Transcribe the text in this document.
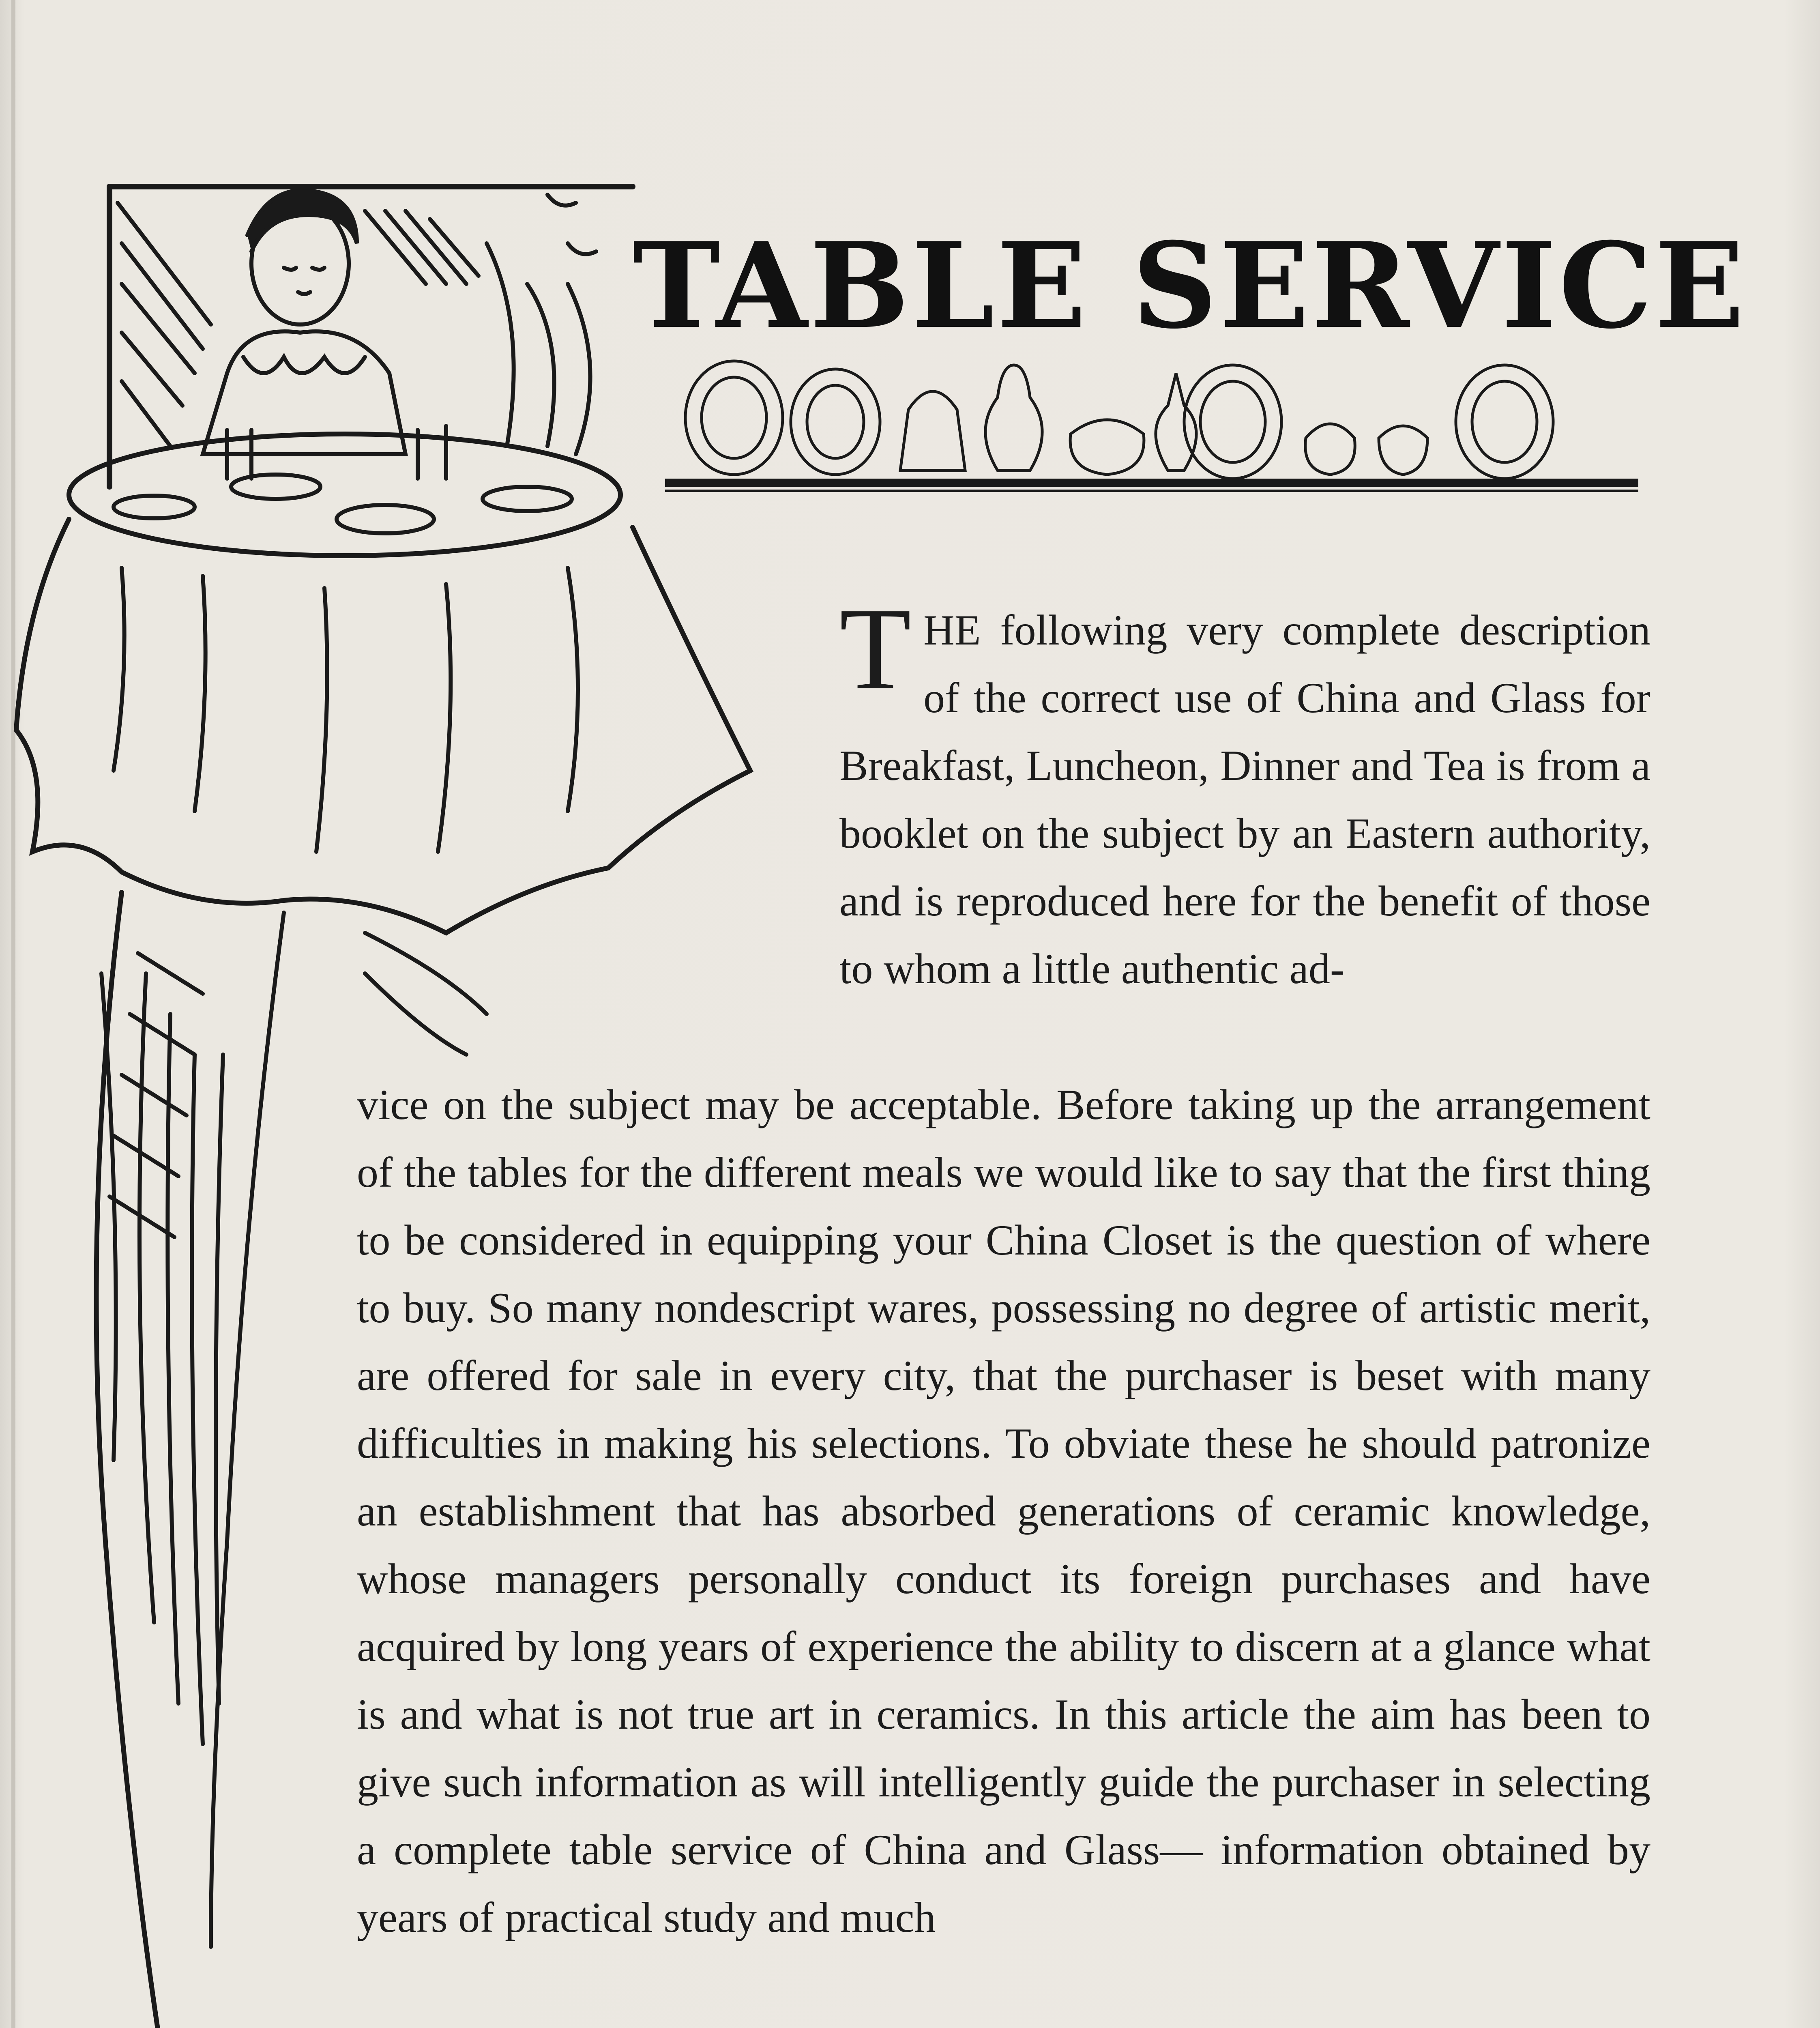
TABLE SERVICE
T HE following very complete description of the correct use of China and Glass for Breakfast, Luncheon, Dinner and Tea is from a booklet on the subject by an Eastern authority, and is reproduced here for the benefit of those to whom a little authentic ad-
vice on the subject may be acceptable. Before taking up the arrangement of the tables for the different meals we would like to say that the first thing to be considered in equipping your China Closet is the question of where to buy. So many nondescript wares, possessing no degree of artistic merit, are offered for sale in every city, that the purchaser is beset with many difficulties in making his selections. To obviate these he should patronize an establishment that has absorbed generations of ceramic knowledge, whose managers personally conduct its foreign purchases and have acquired by long years of experience the ability to discern at a glance what is and what is not true art in ceramics. In this article the aim has been to give such information as will intelligently guide the purchaser in selecting a complete table service of China and Glass— information obtained by years of practical study and much
